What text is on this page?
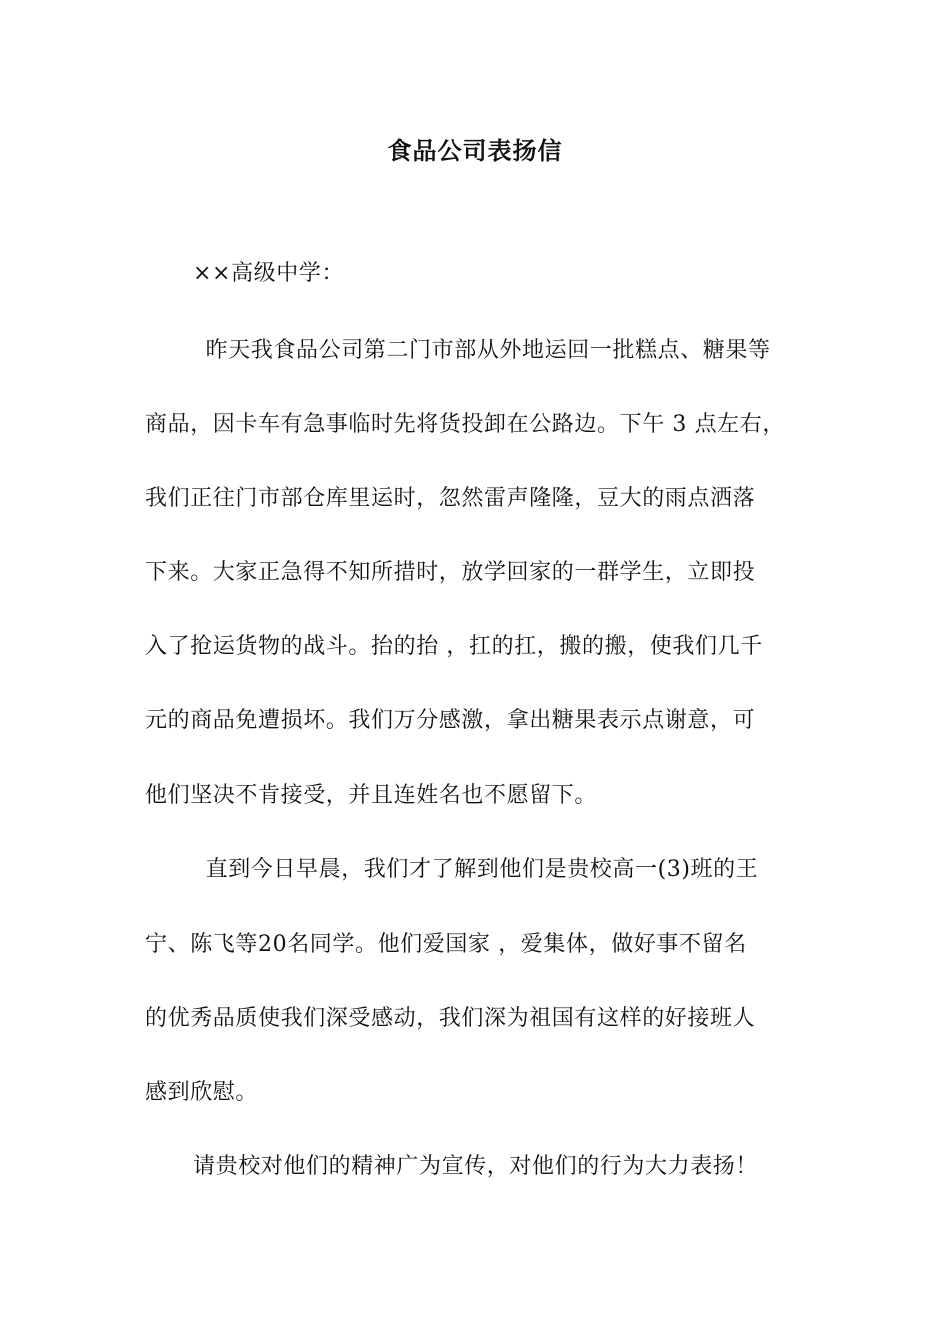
食品公司表扬信

××高级中学：

　昨天我食品公司第二门市部从外地运回一批糕点、糖果等

商品，因卡车有急事临时先将货投卸在公路边。下午 3 点左右，

我们正往门市部仓库里运时，忽然雷声隆隆，豆大的雨点洒落

下来。大家正急得不知所措时，放学回家的一群学生，立即投

入了抢运货物的战斗。抬的抬 ，扛的扛，搬的搬，使我们几千

元的商品免遭损坏。我们万分感激，拿出糖果表示点谢意，可

他们坚决不肯接受，并且连姓名也不愿留下。

　直到今日早晨，我们才了解到他们是贵校高一(3)班的王

宁、陈飞等20名同学。他们爱国家 ，爱集体，做好事不留名

的优秀品质使我们深受感动，我们深为祖国有这样的好接班人

感到欣慰。

请贵校对他们的精神广为宣传，对他们的行为大力表扬！
